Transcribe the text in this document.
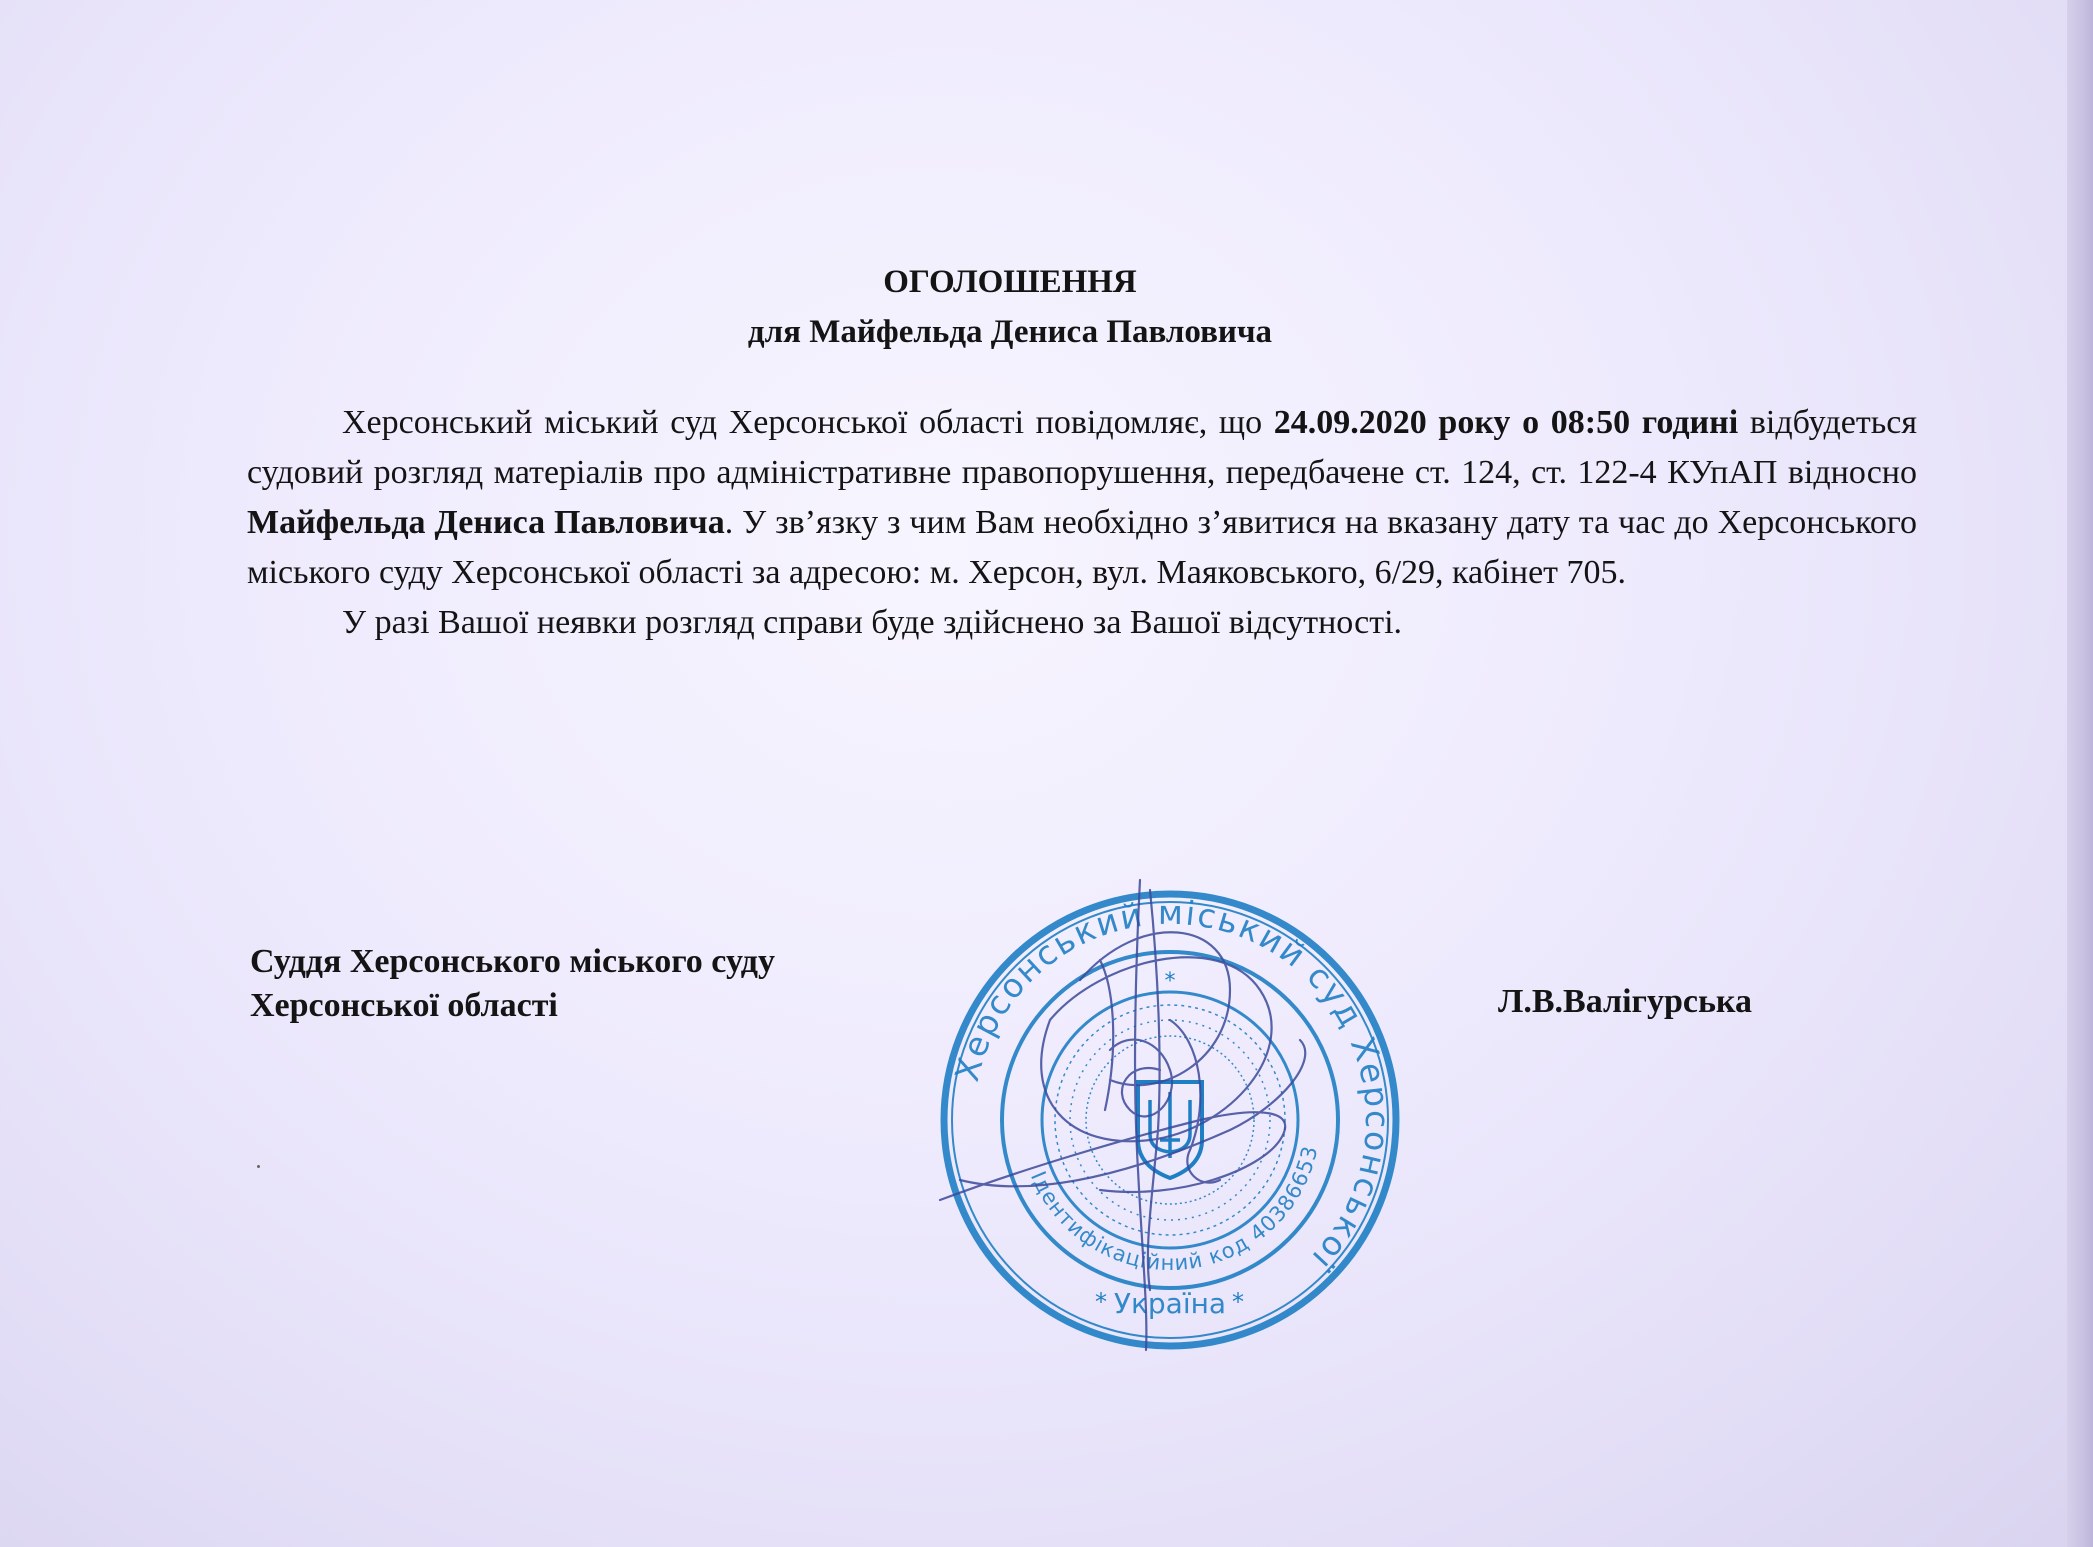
ОГОЛОШЕННЯ
для Майфельда Дениса Павловича

Херсонський міський суд Херсонської області повідомляє, що 24.09.2020 року о 08:50 годині відбудеться судовий розгляд матеріалів про адміністративне правопорушення, передбачене ст. 124, ст. 122-4 КУпАП відносно Майфельда Дениса Павловича. У зв’язку з чим Вам необхідно з’явитися на вказану дату та час до Херсонського міського суду Херсонської області за адресою: м. Херсон, вул. Маяковського, 6/29, кабінет 705.

У разі Вашої неявки розгляд справи буде здійснено за Вашої відсутності.

Суддя Херсонського міського суду
Херсонської області	Л.В.Валігурська
Херсонський міський суд Херсонської
Ідентифікаційний код 40386653
Україна
*	*
*
